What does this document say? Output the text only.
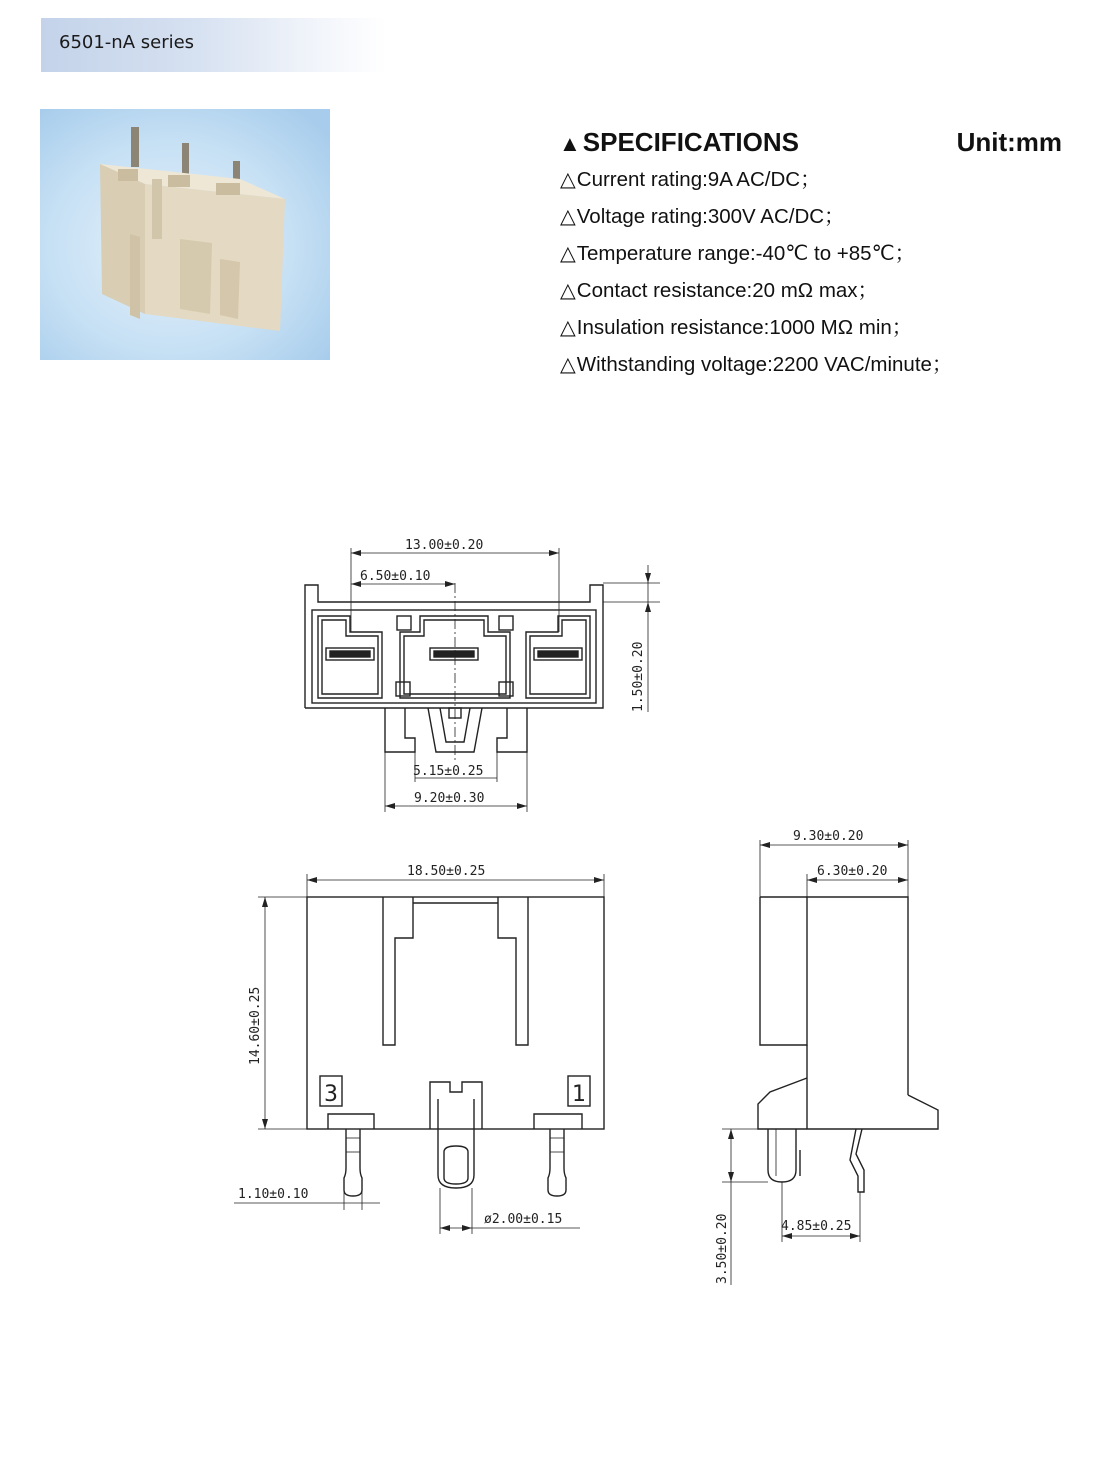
6501-nA series
▲SPECIFICATIONS	Unit:mm
△Current rating:9A AC/DC；
△Voltage rating:300V AC/DC；
△Temperature range:-40℃ to +85℃；
△Contact resistance:20 mΩ max；
△Insulation resistance:1000 MΩ min；
△Withstanding voltage:2200 VAC/minute；
13.00±0.20
6.50±0.10
1.50±0.20
5.15±0.25
9.20±0.30
18.50±0.25
14.60±0.25
3	1
1.10±0.10
ø2.00±0.15
9.30±0.20
6.30±0.20
3.50±0.20	4.85±0.25
